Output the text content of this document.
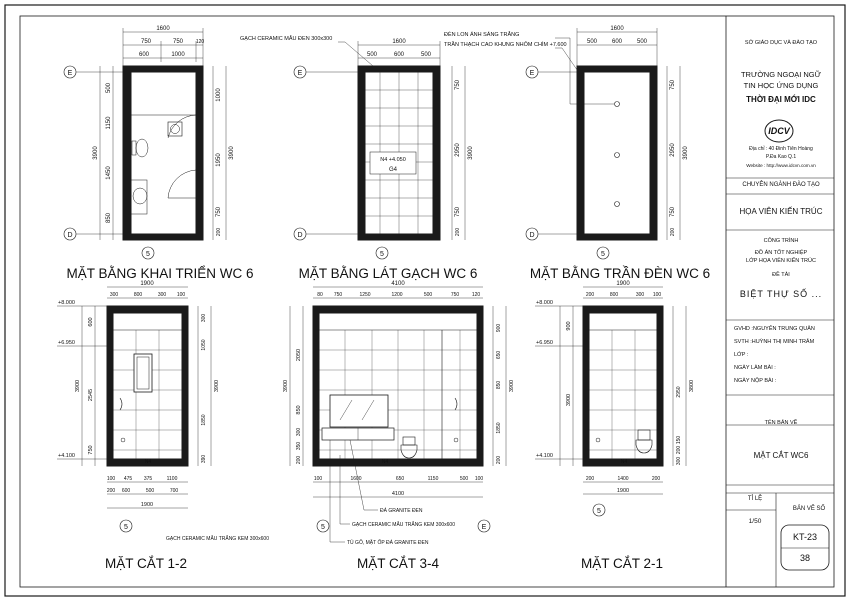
1600
750	750	120
600	1000
500
1150
1450
850
3900
1000
1950
750
200
3900
E
D
5
MẶT BẰNG KHAI TRIỂN WC 6
N4 +4.050
G4
GẠCH CERAMIC MẪU ĐEN 300x300	1600
500	600	500
750
2950
750
200
3900
E
D
5
MẶT BẰNG LÁT GẠCH WC 6
ĐÈN LON ÁNH SÁNG TRẮNG
TRẦN THẠCH CAO KHUNG NHÔM CHÌM +7.600
1600
500 600 500
750
2950
750
200
3900
E
D
5
MẶT BẰNG TRẦN ĐÈN WC 6
N4
+8.000
+6.950
+4.100
1900
300	800	300 100
600
2545
750
3900
300
1050
1850
390
3900
100 475 375	1100
200 600	500	700
1900
5
GẠCH CERAMIC MẪU TRẮNG KEM 300x600
MẶT CẮT 1-2
N4
4100
80 750	1250	1200	500	750	120
2050
850
300
350
200
3900
900
650
850
1850
200
3900
100	1600	650	1150	500 100
4100
5	E
ĐÁ GRANITE ĐEN
GẠCH CERAMIC MẪU TRẮNG KEM 300x600
TỦ GỖ, MẶT ỐP ĐÁ GRANITE ĐEN
MẶT CẮT 3-4
N4
+8.000
+6.950
+4.100
1900
200	800	300 100
900
3900
3800
2950
150
200
300
200	1400	200
1900
5
MẶT CẮT 2-1
IDCV
SỞ GIÁO DỤC VÀ ĐÀO TẠO
TRƯỜNG NGOẠI NGỮ
TIN HỌC ỨNG DỤNG
THỜI ĐẠI MỚI IDC
Địa chỉ : 40 Đinh Tiên Hoàng
P.Đa Kao Q.1
Website : http://www.idcvn.com.vn
CHUYÊN NGÀNH ĐÀO TẠO
HỌA VIÊN KIẾN TRÚC
CÔNG TRÌNH
ĐỒ ÁN TỐT NGHIỆP
LỚP HỌA VIÊN KIẾN TRÚC
ĐỀ TÀI
BIỆT THỰ SỐ ...
GVHD :NGUYỄN TRUNG QUÂN
SVTH :HUỲNH THỊ MINH TRÂM
LỚP :
NGÀY LÀM BÀI :
NGÀY NỘP BÀI :
TÊN BẢN VẼ
MẶT CẮT WC6
TỈ LỆ
1/50
BẢN VẼ SỐ
KT-23
38
